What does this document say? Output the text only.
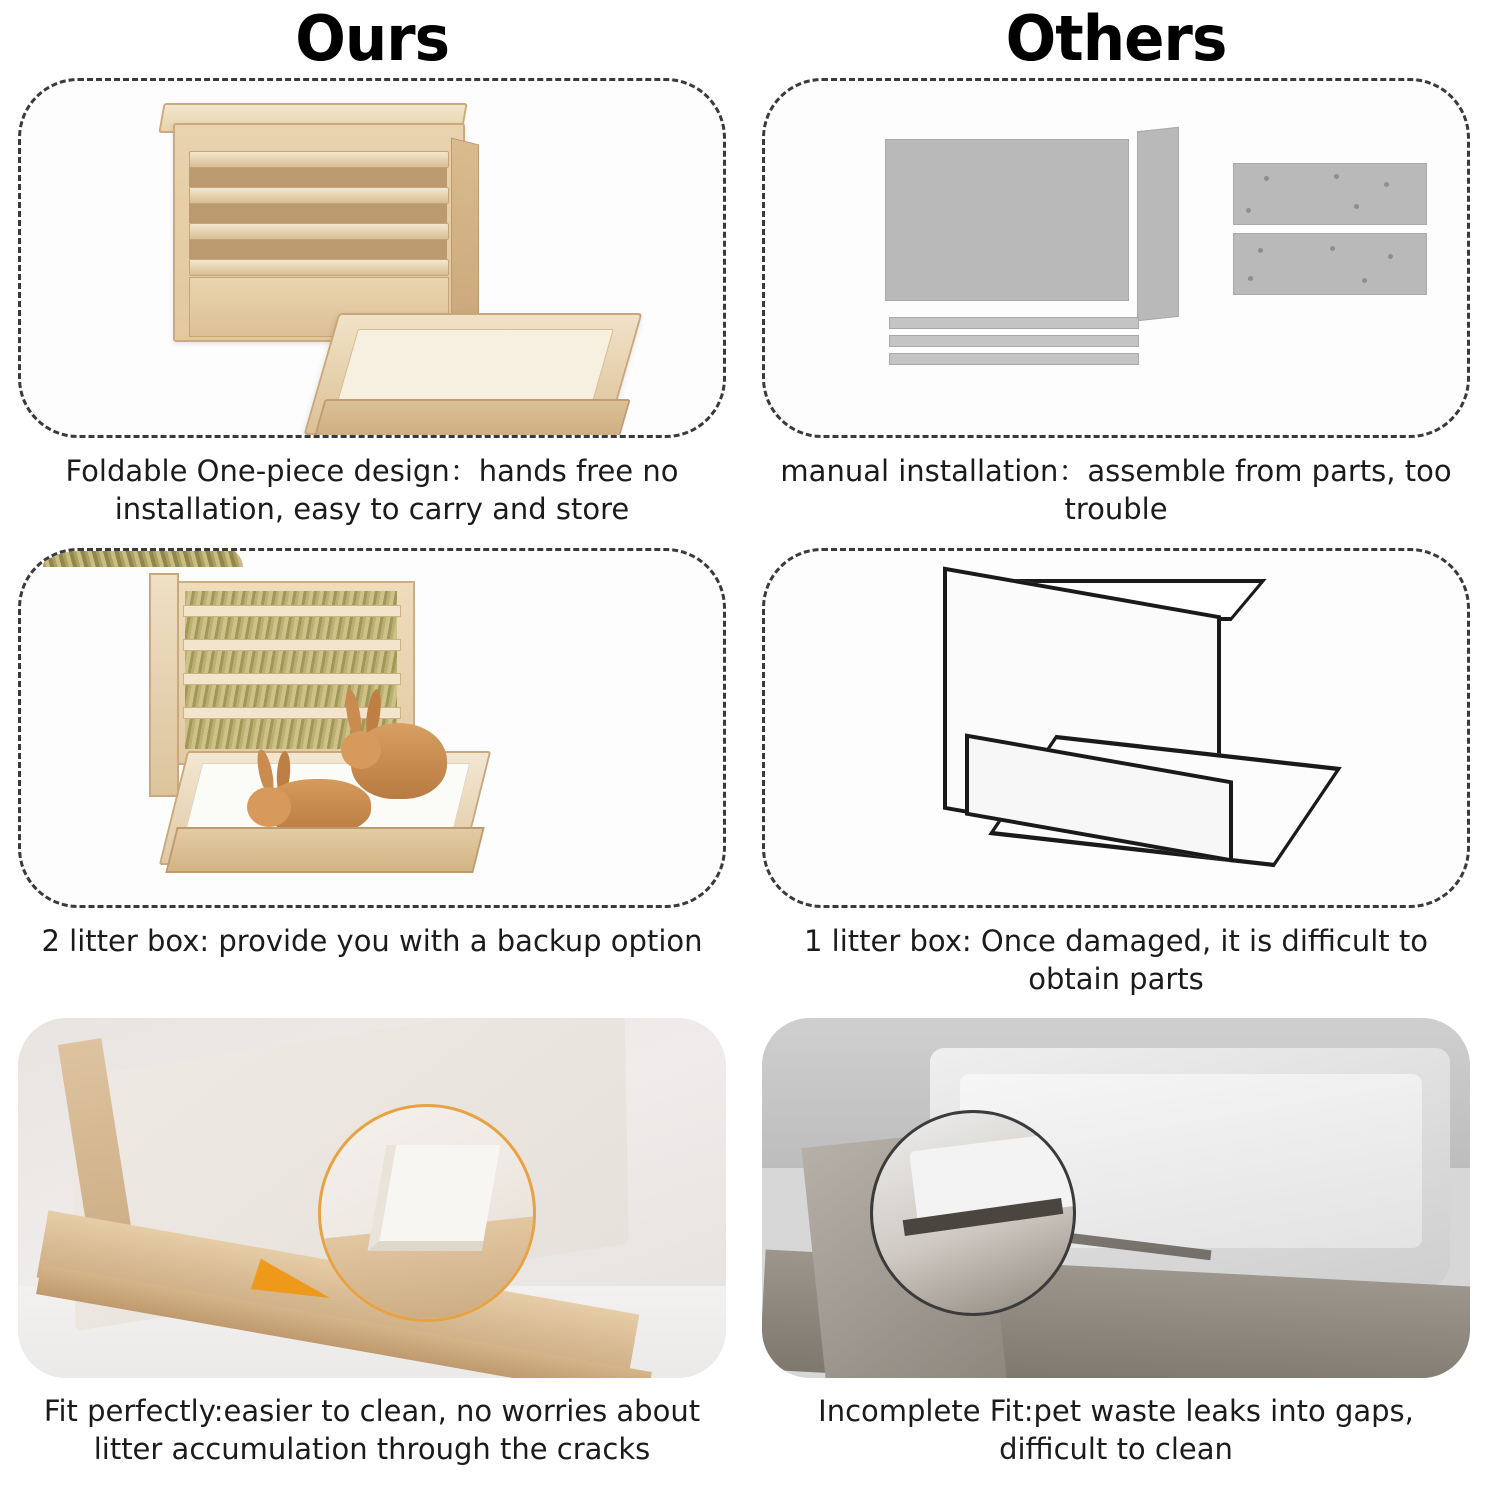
Ours	Others
Foldable One-piece design：hands free no installation, easy to carry and store
manual installation：assemble from parts, too trouble
2 litter box: provide you with a backup option	1 litter box: Once damaged, it is difficult to obtain parts
Fit perfectly:easier to clean, no worries about litter accumulation through the cracks
Incomplete Fit:pet waste leaks into gaps, difficult to clean
